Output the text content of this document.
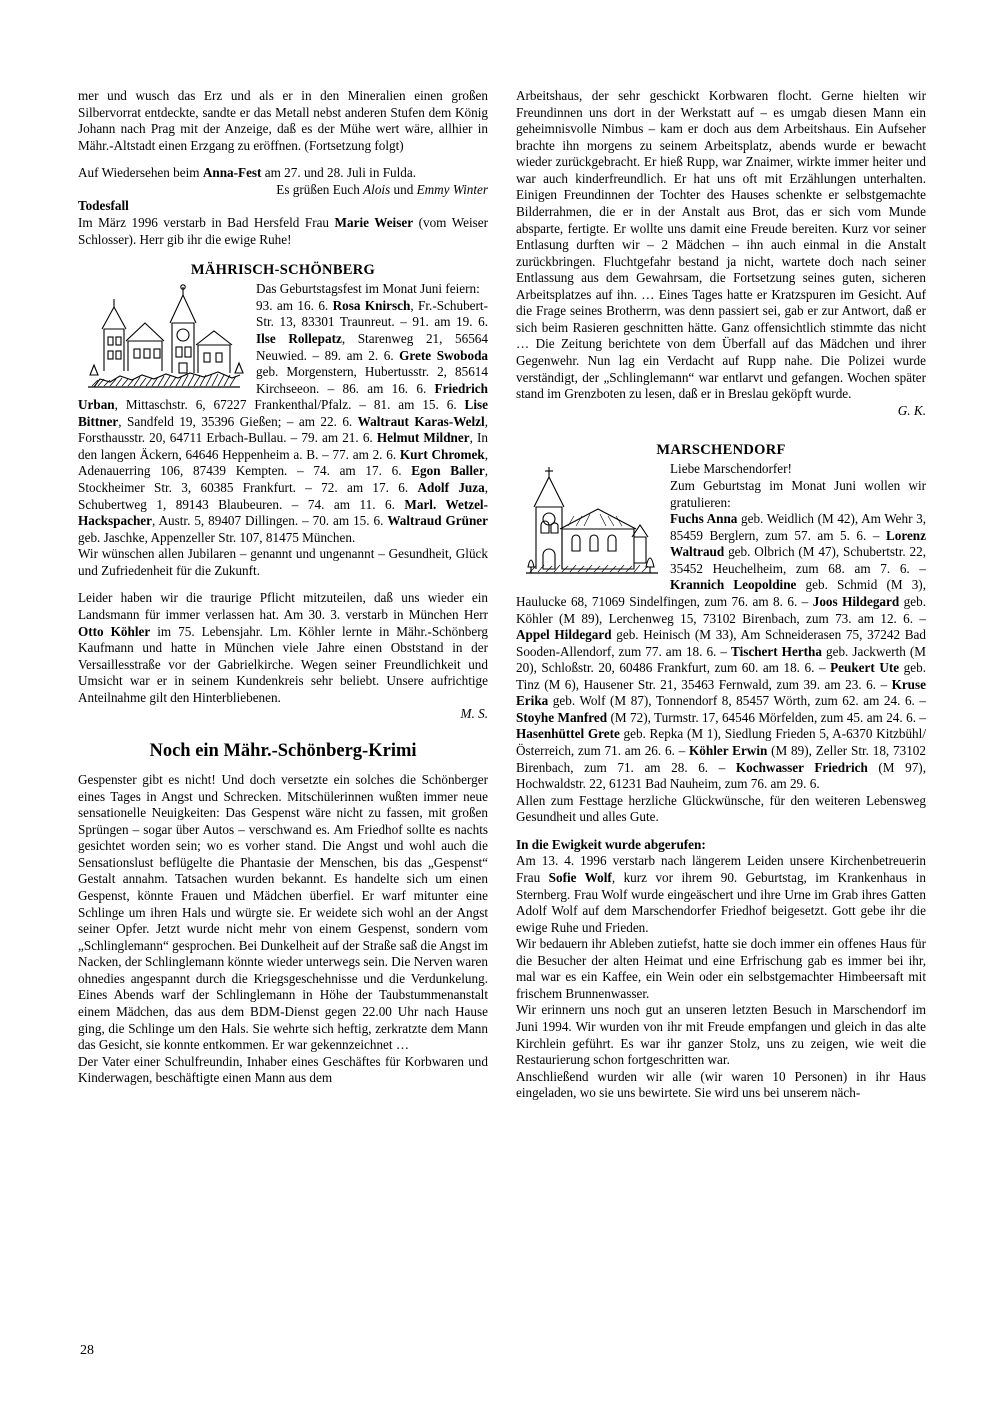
mer und wusch das Erz und als er in den Mineralien einen großen Silbervorrat entdeckte, sandte er das Metall nebst anderen Stufen dem König Johann nach Prag mit der Anzeige, daß es der Mühe wert wäre, allhier in Mähr.-Altstadt einen Erzgang zu eröffnen. (Fortsetzung folgt)

Auf Wiedersehen beim Anna-Fest am 27. und 28. Juli in Fulda.

Es grüßen Euch Alois und Emmy Winter

Todesfall

Im März 1996 verstarb in Bad Hersfeld Frau Marie Weiser (vom Weiser Schlosser). Herr gib ihr die ewige Ruhe!

MÄHRISCH-SCHÖNBERG

Das Geburtstagsfest im Monat Juni feiern:

93. am 16. 6. Rosa Knirsch, Fr.-Schubert-Str. 13, 83301 Traunreut. – 91. am 19. 6. Ilse Rollepatz, Starenweg 21, 56564 Neuwied. – 89. am 2. 6. Grete Swoboda geb. Morgenstern, Hubertusstr. 2, 85614 Kirchseeon. – 86. am 16. 6. Friedrich Urban, Mittaschstr. 6, 67227 Frankenthal/Pfalz. – 81. am 15. 6. Lise Bittner, Sandfeld 19, 35396 Gießen; – am 22. 6. Waltraut Karas-Welzl, Forsthausstr. 20, 64711 Erbach-Bullau. – 79. am 21. 6. Helmut Mildner, In den langen Äckern, 64646 Heppenheim a. B. – 77. am 2. 6. Kurt Chromek, Adenauerring 106, 87439 Kempten. – 74. am 17. 6. Egon Baller, Stockheimer Str. 3, 60385 Frankfurt. – 72. am 17. 6. Adolf Juza, Schubertweg 1, 89143 Blaubeuren. – 74. am 11. 6. Marl. Wetzel-Hackspacher, Austr. 5, 89407 Dillingen. – 70. am 15. 6. Waltraud Grüner geb. Jaschke, Appenzeller Str. 107, 81475 München.

Wir wünschen allen Jubilaren – genannt und ungenannt – Gesundheit, Glück und Zufriedenheit für die Zukunft.

Leider haben wir die traurige Pflicht mitzuteilen, daß uns wieder ein Landsmann für immer verlassen hat. Am 30. 3. verstarb in München Herr Otto Köhler im 75. Lebensjahr. Lm. Köhler lernte in Mähr.-Schönberg Kaufmann und hatte in München viele Jahre einen Obststand in der Versaillesstraße vor der Gabrielkirche. Wegen seiner Freundlichkeit und Umsicht war er in seinem Kundenkreis sehr beliebt. Unsere aufrichtige Anteilnahme gilt den Hinterbliebenen.

M. S.

Noch ein Mähr.-Schönberg-Krimi

Gespenster gibt es nicht! Und doch versetzte ein solches die Schönberger eines Tages in Angst und Schrecken. Mitschülerinnen wußten immer neue sensationelle Neuigkeiten: Das Gespenst wäre nicht zu fassen, mit großen Sprüngen – sogar über Autos – verschwand es. Am Friedhof sollte es nachts gesichtet worden sein; wo es vorher stand. Die Angst und wohl auch die Sensationslust beflügelte die Phantasie der Menschen, bis das „Gespenst“ Gestalt annahm. Tatsachen wurden bekannt. Es handelte sich um einen Gespenst, könnte Frauen und Mädchen überfiel. Er warf mitunter eine Schlinge um ihren Hals und würgte sie. Er weidete sich wohl an der Angst seiner Opfer. Jetzt wurde nicht mehr von einem Gespenst, sondern vom „Schlinglemann“ gesprochen. Bei Dunkelheit auf der Straße saß die Angst im Nacken, der Schlinglemann könnte wieder unterwegs sein. Die Nerven waren ohnedies angespannt durch die Kriegsgeschehnisse und die Verdunkelung. Eines Abends warf der Schlinglemann in Höhe der Taubstummenanstalt einem Mädchen, das aus dem BDM-Dienst gegen 22.00 Uhr nach Hause ging, die Schlinge um den Hals. Sie wehrte sich heftig, zerkratzte dem Mann das Gesicht, sie konnte entkommen. Er war gekennzeichnet …

Der Vater einer Schulfreundin, Inhaber eines Geschäftes für Korbwaren und Kinderwagen, beschäftigte einen Mann aus dem

Arbeitshaus, der sehr geschickt Korbwaren flocht. Gerne hielten wir Freundinnen uns dort in der Werkstatt auf – es umgab diesen Mann ein geheimnisvolle Nimbus – kam er doch aus dem Arbeitshaus. Ein Aufseher brachte ihn morgens zu seinem Arbeitsplatz, abends wurde er bewacht wieder zurückgebracht. Er hieß Rupp, war Znaimer, wirkte immer heiter und war auch kinderfreundlich. Er hat uns oft mit Erzählungen unterhalten. Einigen Freundinnen der Tochter des Hauses schenkte er selbstgemachte Bilderrahmen, die er in der Anstalt aus Brot, das er sich vom Munde absparte, fertigte. Er wollte uns damit eine Freude bereiten. Kurz vor seiner Entlasung durften wir – 2 Mädchen – ihn auch einmal in die Anstalt zurückbringen. Fluchtgefahr bestand ja nicht, wartete doch nach seiner Entlassung aus dem Gewahrsam, die Fortsetzung seines guten, sicheren Arbeitsplatzes auf ihn. … Eines Tages hatte er Kratzspuren im Gesicht. Auf die Frage seines Brotherrn, was denn passiert sei, gab er zur Antwort, daß er sich beim Rasieren geschnitten hätte. Ganz offensichtlich stimmte das nicht … Die Zeitung berichtete von dem Überfall auf das Mädchen und ihrer Gegenwehr. Nun lag ein Verdacht auf Rupp nahe. Die Polizei wurde verständigt, der „Schlinglemann“ war entlarvt und gefangen. Wochen später stand im Grenzboten zu lesen, daß er in Breslau geköpft wurde.

G. K.

MARSCHENDORF

Liebe Marschendorfer!

Zum Geburtstag im Monat Juni wollen wir gratulieren:

Fuchs Anna geb. Weidlich (M 42), Am Wehr 3, 85459 Berglern, zum 57. am 5. 6. – Lorenz Waltraud geb. Olbrich (M 47), Schubertstr. 22, 35452 Heuchelheim, zum 68. am 7. 6. – Krannich Leopoldine geb. Schmid (M 3), Haulucke 68, 71069 Sindelfingen, zum 76. am 8. 6. – Joos Hildegard geb. Köhler (M 89), Lerchenweg 15, 73102 Birenbach, zum 73. am 12. 6. – Appel Hildegard geb. Heinisch (M 33), Am Schneiderasen 75, 37242 Bad Sooden-Allendorf, zum 77. am 18. 6. – Tischert Hertha geb. Jackwerth (M 20), Schloßstr. 20, 60486 Frankfurt, zum 60. am 18. 6. – Peukert Ute geb. Tinz (M 6), Hausener Str. 21, 35463 Fernwald, zum 39. am 23. 6. – Kruse Erika geb. Wolf (M 87), Tonnendorf 8, 85457 Wörth, zum 62. am 24. 6. – Stoyhe Manfred (M 72), Turmstr. 17, 64546 Mörfelden, zum 45. am 24. 6. – Hasenhüttel Grete geb. Repka (M 1), Siedlung Frieden 5, A-6370 Kitzbühl/Österreich, zum 71. am 26. 6. – Köhler Erwin (M 89), Zeller Str. 18, 73102 Birenbach, zum 71. am 28. 6. – Kochwasser Friedrich (M 97), Hochwaldstr. 22, 61231 Bad Nauheim, zum 76. am 29. 6.

Allen zum Festtage herzliche Glückwünsche, für den weiteren Lebensweg Gesundheit und alles Gute.

In die Ewigkeit wurde abgerufen:

Am 13. 4. 1996 verstarb nach längerem Leiden unsere Kirchenbetreuerin Frau Sofie Wolf, kurz vor ihrem 90. Geburtstag, im Krankenhaus in Sternberg. Frau Wolf wurde eingeäschert und ihre Urne im Grab ihres Gatten Adolf Wolf auf dem Marschendorfer Friedhof beigesetzt. Gott gebe ihr die ewige Ruhe und Frieden.

Wir bedauern ihr Ableben zutiefst, hatte sie doch immer ein offenes Haus für die Besucher der alten Heimat und eine Erfrischung gab es immer bei ihr, mal war es ein Kaffee, ein Wein oder ein selbstgemachter Himbeersaft mit frischem Brunnenwasser.

Wir erinnern uns noch gut an unseren letzten Besuch in Marschendorf im Juni 1994. Wir wurden von ihr mit Freude empfangen und gleich in das alte Kirchlein geführt. Es war ihr ganzer Stolz, uns zu zeigen, wie weit die Restaurierung schon fortgeschritten war.

Anschließend wurden wir alle (wir waren 10 Personen) in ihr Haus eingeladen, wo sie uns bewirtete. Sie wird uns bei unserem näch-

28
